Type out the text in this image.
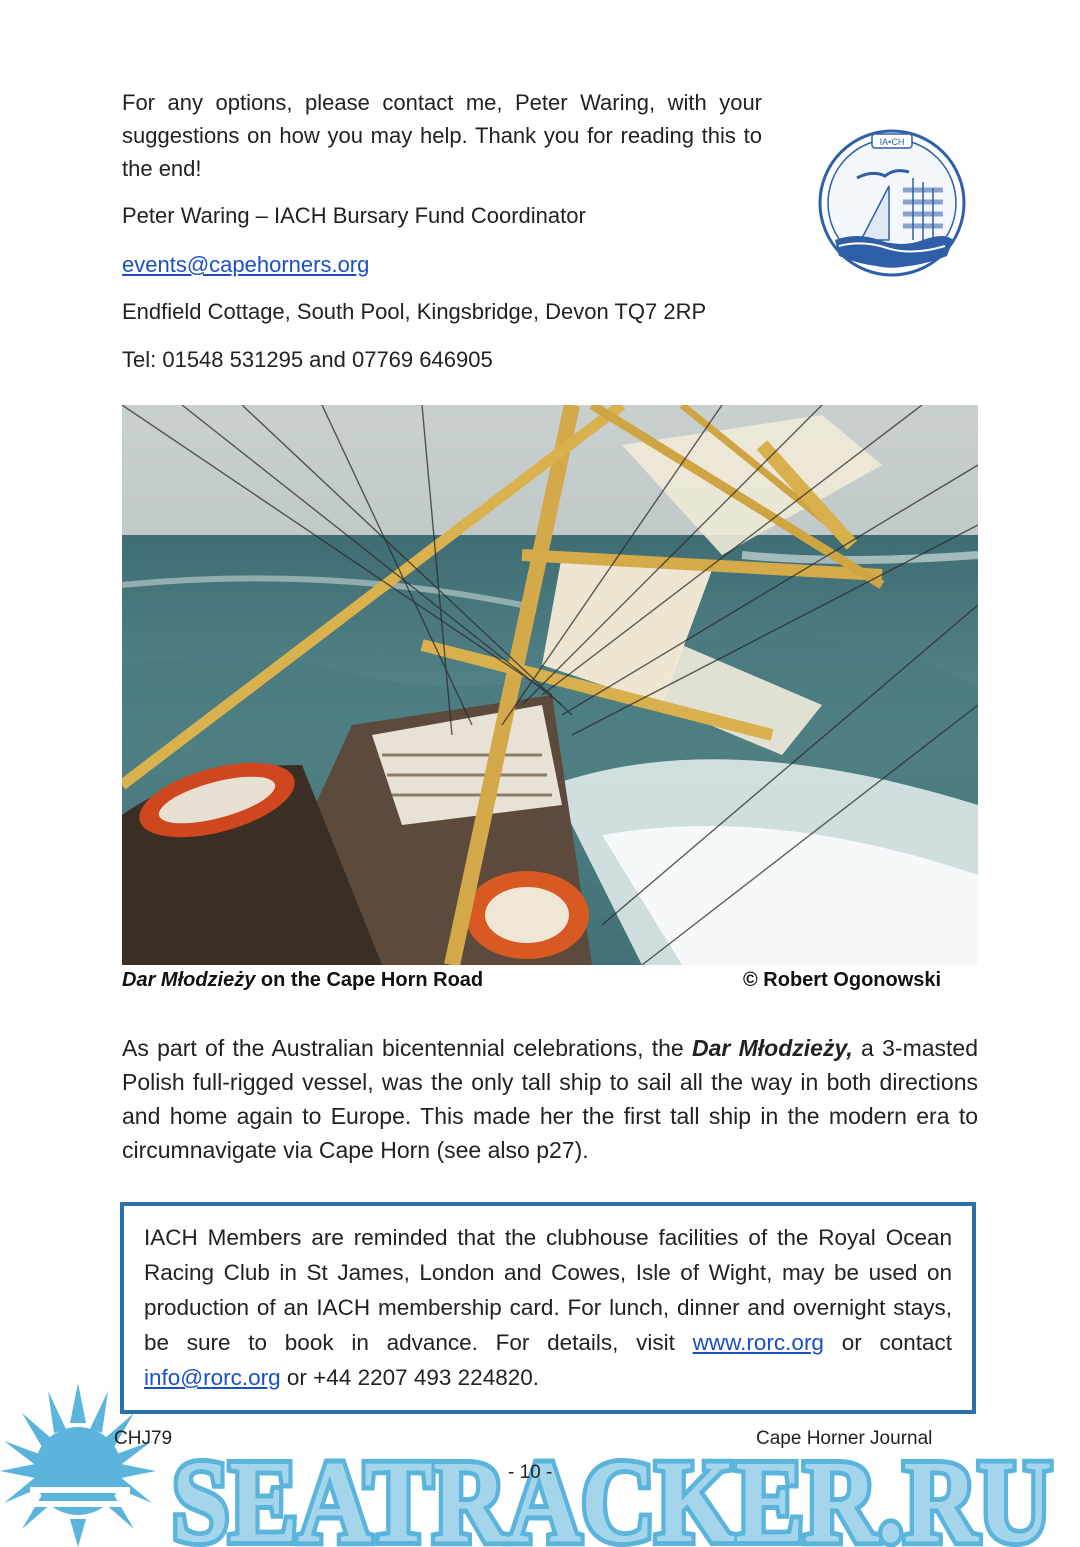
For any options, please contact me, Peter Waring, with your suggestions on how you may help. Thank you for reading this to the end!

Peter Waring – IACH Bursary Fund Coordinator

events@capehorners.org

Endfield Cottage, South Pool, Kingsbridge, Devon TQ7 2RP

Tel: 01548 531295 and 07769 646905

IA•CH
Dar Młodzieży on the Cape Horn Road	© Robert Ogonowski

As part of the Australian bicentennial celebrations, the Dar Młodzieży, a 3-masted Polish full-rigged vessel, was the only tall ship to sail all the way in both directions and home again to Europe. This made her the first tall ship in the modern era to circumnavigate via Cape Horn (see also p27).

IACH Members are reminded that the clubhouse facilities of the Royal Ocean Racing Club in St James, London and Cowes, Isle of Wight, may be used on production of an IACH membership card. For lunch, dinner and overnight stays, be sure to book in advance. For details, visit www.rorc.org or contact info@rorc.org or +44 2207 493 224820.
SEATRACKER.RU
SEATRACKER.RU
CHJ79	Cape Horner Journal
- 10 -
